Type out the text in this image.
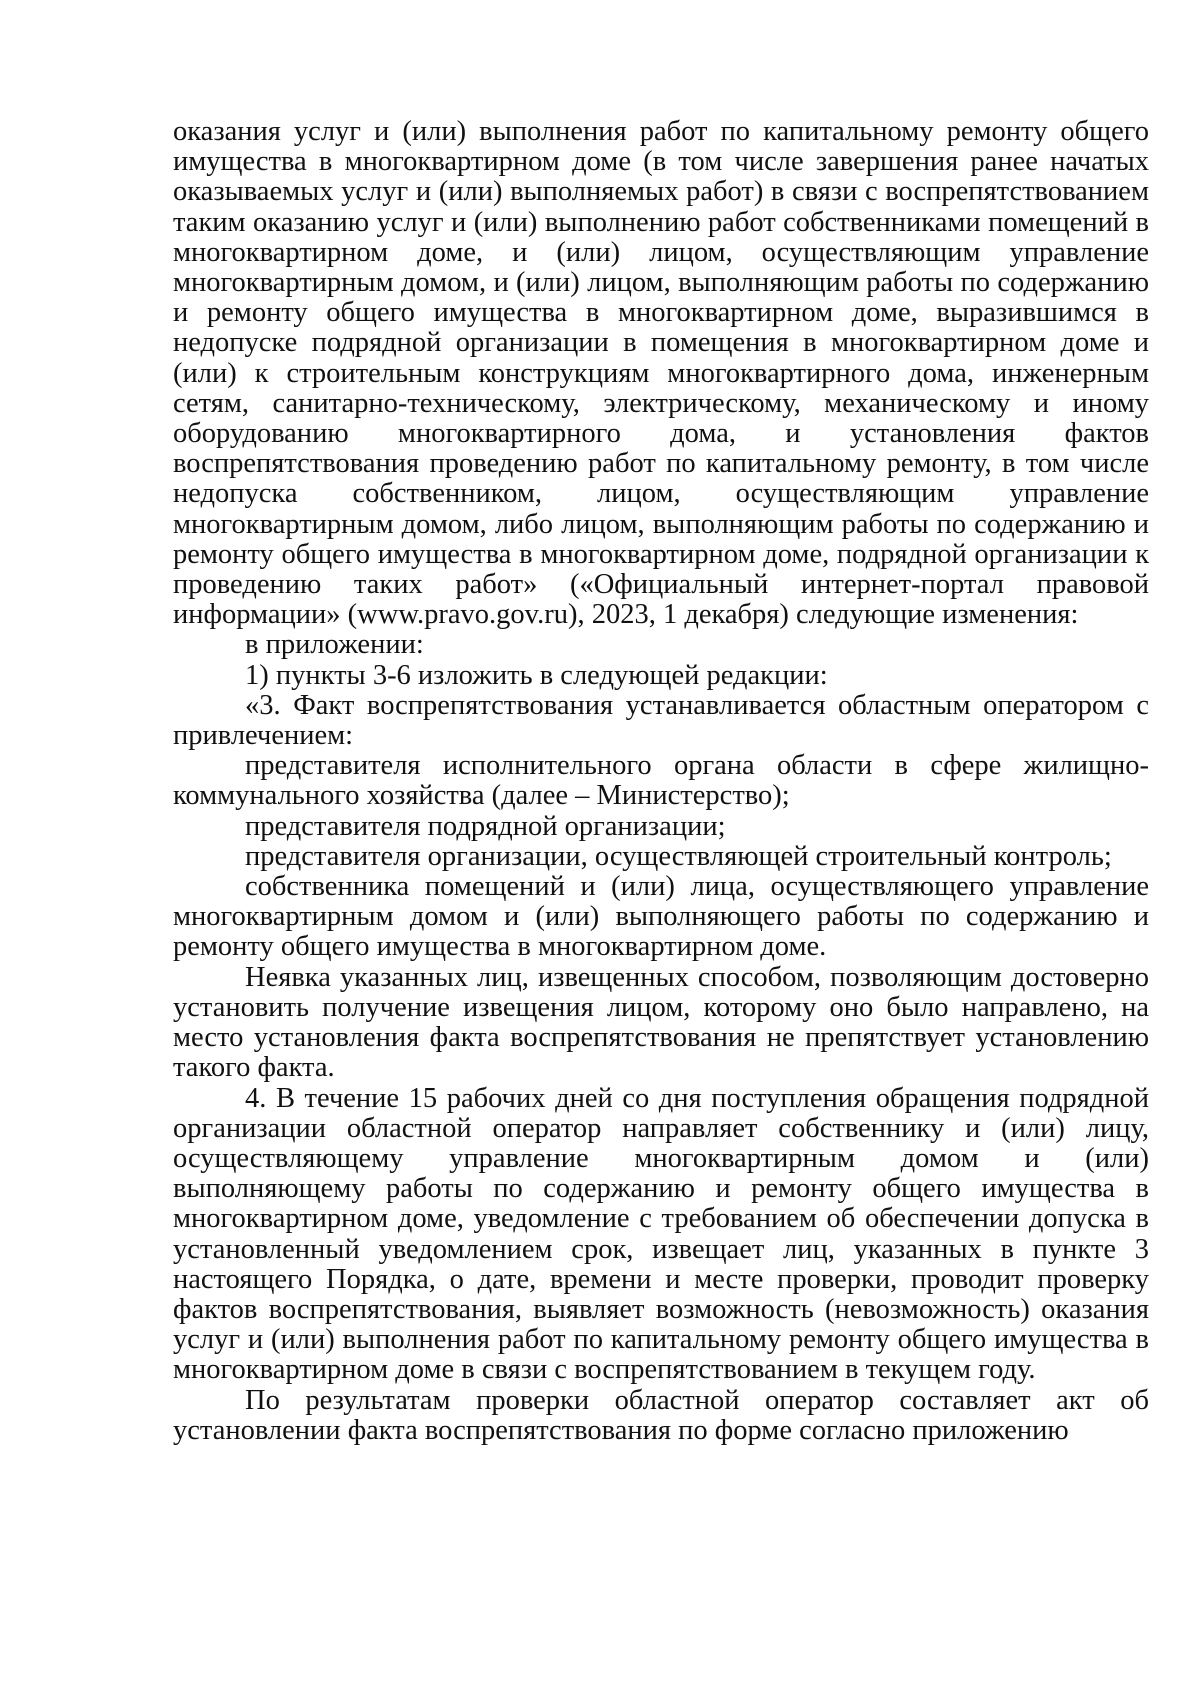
оказания услуг и (или) выполнения работ по капитальному ремонту общего имущества в многоквартирном доме (в том числе завершения ранее начатых оказываемых услуг и (или) выполняемых работ) в связи с воспрепятствованием таким оказанию услуг и (или) выполнению работ собственниками помещений в многоквартирном доме, и (или) лицом, осуществляющим управление многоквартирным домом, и (или) лицом, выполняющим работы по содержанию и ремонту общего имущества в многоквартирном доме, выразившимся в недопуске подрядной организации в помещения в многоквартирном доме и (или) к строительным конструкциям многоквартирного дома, инженерным сетям, санитарно-техническому, электрическому, механическому и иному оборудованию многоквартирного дома, и установления фактов воспрепятствования проведению работ по капитальному ремонту, в том числе недопуска собственником, лицом, осуществляющим управление многоквартирным домом, либо лицом, выполняющим работы по содержанию и ремонту общего имущества в многоквартирном доме, подрядной организации к проведению таких работ» («Официальный интернет-портал правовой информации» (www.pravo.gov.ru), 2023, 1 декабря) следующие изменения:

в приложении:

1) пункты 3-6 изложить в следующей редакции:

«3. Факт воспрепятствования устанавливается областным оператором с привлечением:

представителя исполнительного органа области в сфере жилищно-коммунального хозяйства (далее – Министерство);

представителя подрядной организации;

представителя организации, осуществляющей строительный контроль;

собственника помещений и (или) лица, осуществляющего управление многоквартирным домом и (или) выполняющего работы по содержанию и ремонту общего имущества в многоквартирном доме.

Неявка указанных лиц, извещенных способом, позволяющим достоверно установить получение извещения лицом, которому оно было направлено, на место установления факта воспрепятствования не препятствует установлению такого факта.

4. В течение 15 рабочих дней со дня поступления обращения подрядной организации областной оператор направляет собственнику и (или) лицу, осуществляющему управление многоквартирным домом и (или) выполняющему работы по содержанию и ремонту общего имущества в многоквартирном доме, уведомление с требованием об обеспечении допуска в установленный уведомлением срок, извещает лиц, указанных в пункте 3 настоящего Порядка, о дате, времени и месте проверки, проводит проверку фактов воспрепятствования, выявляет возможность (невозможность) оказания услуг и (или) выполнения работ по капитальному ремонту общего имущества в многоквартирном доме в связи с воспрепятствованием в текущем году.

По результатам проверки областной оператор составляет акт об установлении факта воспрепятствования по форме согласно приложению
